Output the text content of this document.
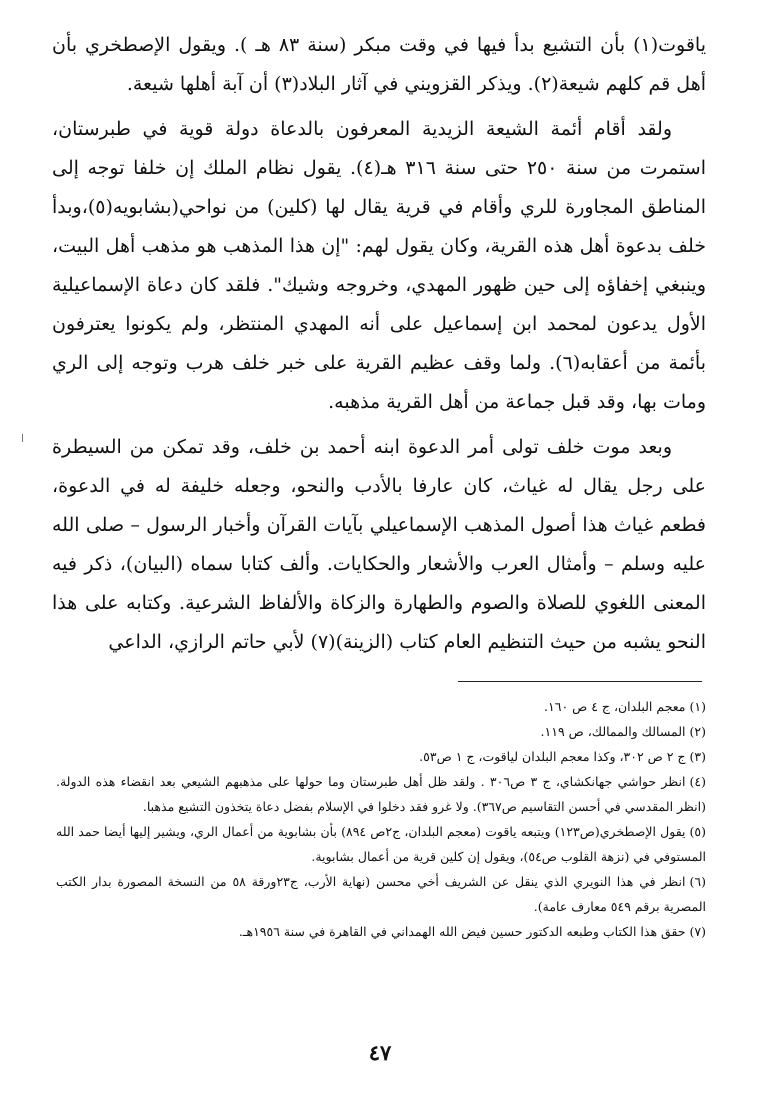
ياقوت(١) بأن التشيع بدأ فيها في وقت مبكر (سنة ٨٣ هـ ). ويقول الإصطخري بأن أهل قم كلهم شيعة(٢). ويذكر القزويني في آثار البلاد(٣) أن آبة أهلها شيعة.

ولقد أقام أئمة الشيعة الزيدية المعرفون بالدعاة دولة قوية في طبرستان، استمرت من سنة ٢٥٠ حتى سنة ٣١٦ هـ(٤). يقول نظام الملك إن خلفا توجه إلى المناطق المجاورة للري وأقام في قرية يقال لها (كلين) من نواحي(بشابويه(٥)،وبدأ خلف بدعوة أهل هذه القرية، وكان يقول لهم: "إن هذا المذهب هو مذهب أهل البيت، وينبغي إخفاؤه إلى حين ظهور المهدي، وخروجه وشيك". فلقد كان دعاة الإسماعيلية الأول يدعون لمحمد ابن إسماعيل على أنه المهدي المنتظر، ولم يكونوا يعترفون بأئمة من أعقابه(٦). ولما وقف عظيم القرية على خبر خلف هرب وتوجه إلى الري ومات بها، وقد قبل جماعة من أهل القرية مذهبه.

وبعد موت خلف تولى أمر الدعوة ابنه أحمد بن خلف، وقد تمكن من السيطرة على رجل يقال له غياث، كان عارفا بالأدب والنحو، وجعله خليفة له في الدعوة، فطعم غياث هذا أصول المذهب الإسماعيلي بآيات القرآن وأخبار الرسول – صلى الله عليه وسلم – وأمثال العرب والأشعار والحكايات. وألف كتابا سماه (البيان)، ذكر فيه المعنى اللغوي للصلاة والصوم والطهارة والزكاة والألفاظ الشرعية. وكتابه على هذا النحو يشبه من حيث التنظيم العام كتاب (الزينة)(٧) لأبي حاتم الرازي، الداعي

(١)معجم البلدان، ج ٤ ص ١٦٠.

(٢)المسالك والممالك، ص ١١٩.

(٣)ج ٢ ص ٣٠٢، وكذا معجم البلدان لياقوت، ج ١ ص٥٣.

(٤)انظر حواشي جهانكشاي، ج ٣ ص٣٠٦ . ولقد ظل أهل طبرستان وما حولها على مذهبهم الشيعي بعد انقضاء هذه الدولة. (انظر المقدسي في أحسن التقاسيم ص٣٦٧). ولا غرو فقد دخلوا في الإسلام بفضل دعاة يتخذون التشيع مذهبا.

(٥)يقول الإصطخري(ص١٢٣) ويتبعه ياقوت (معجم البلدان، ج٢ص ٨٩٤) بأن بشابوية من أعمال الري، ويشير إليها أيضا حمد الله المستوفي في (نزهة القلوب ص٥٤)، ويقول إن كلين قرية من أعمال بشابوية.

(٦)انظر في هذا النويري الذي ينقل عن الشريف أخي محسن (نهاية الأرب، ج٢٣ورقة ٥٨ من النسخة المصورة بدار الكتب المصرية برقم ٥٤٩ معارف عامة).

(٧)حقق هذا الكتاب وطبعه الدكتور حسين فيض الله الهمداني في القاهرة في سنة ١٩٥٦هـ.

٤٧
